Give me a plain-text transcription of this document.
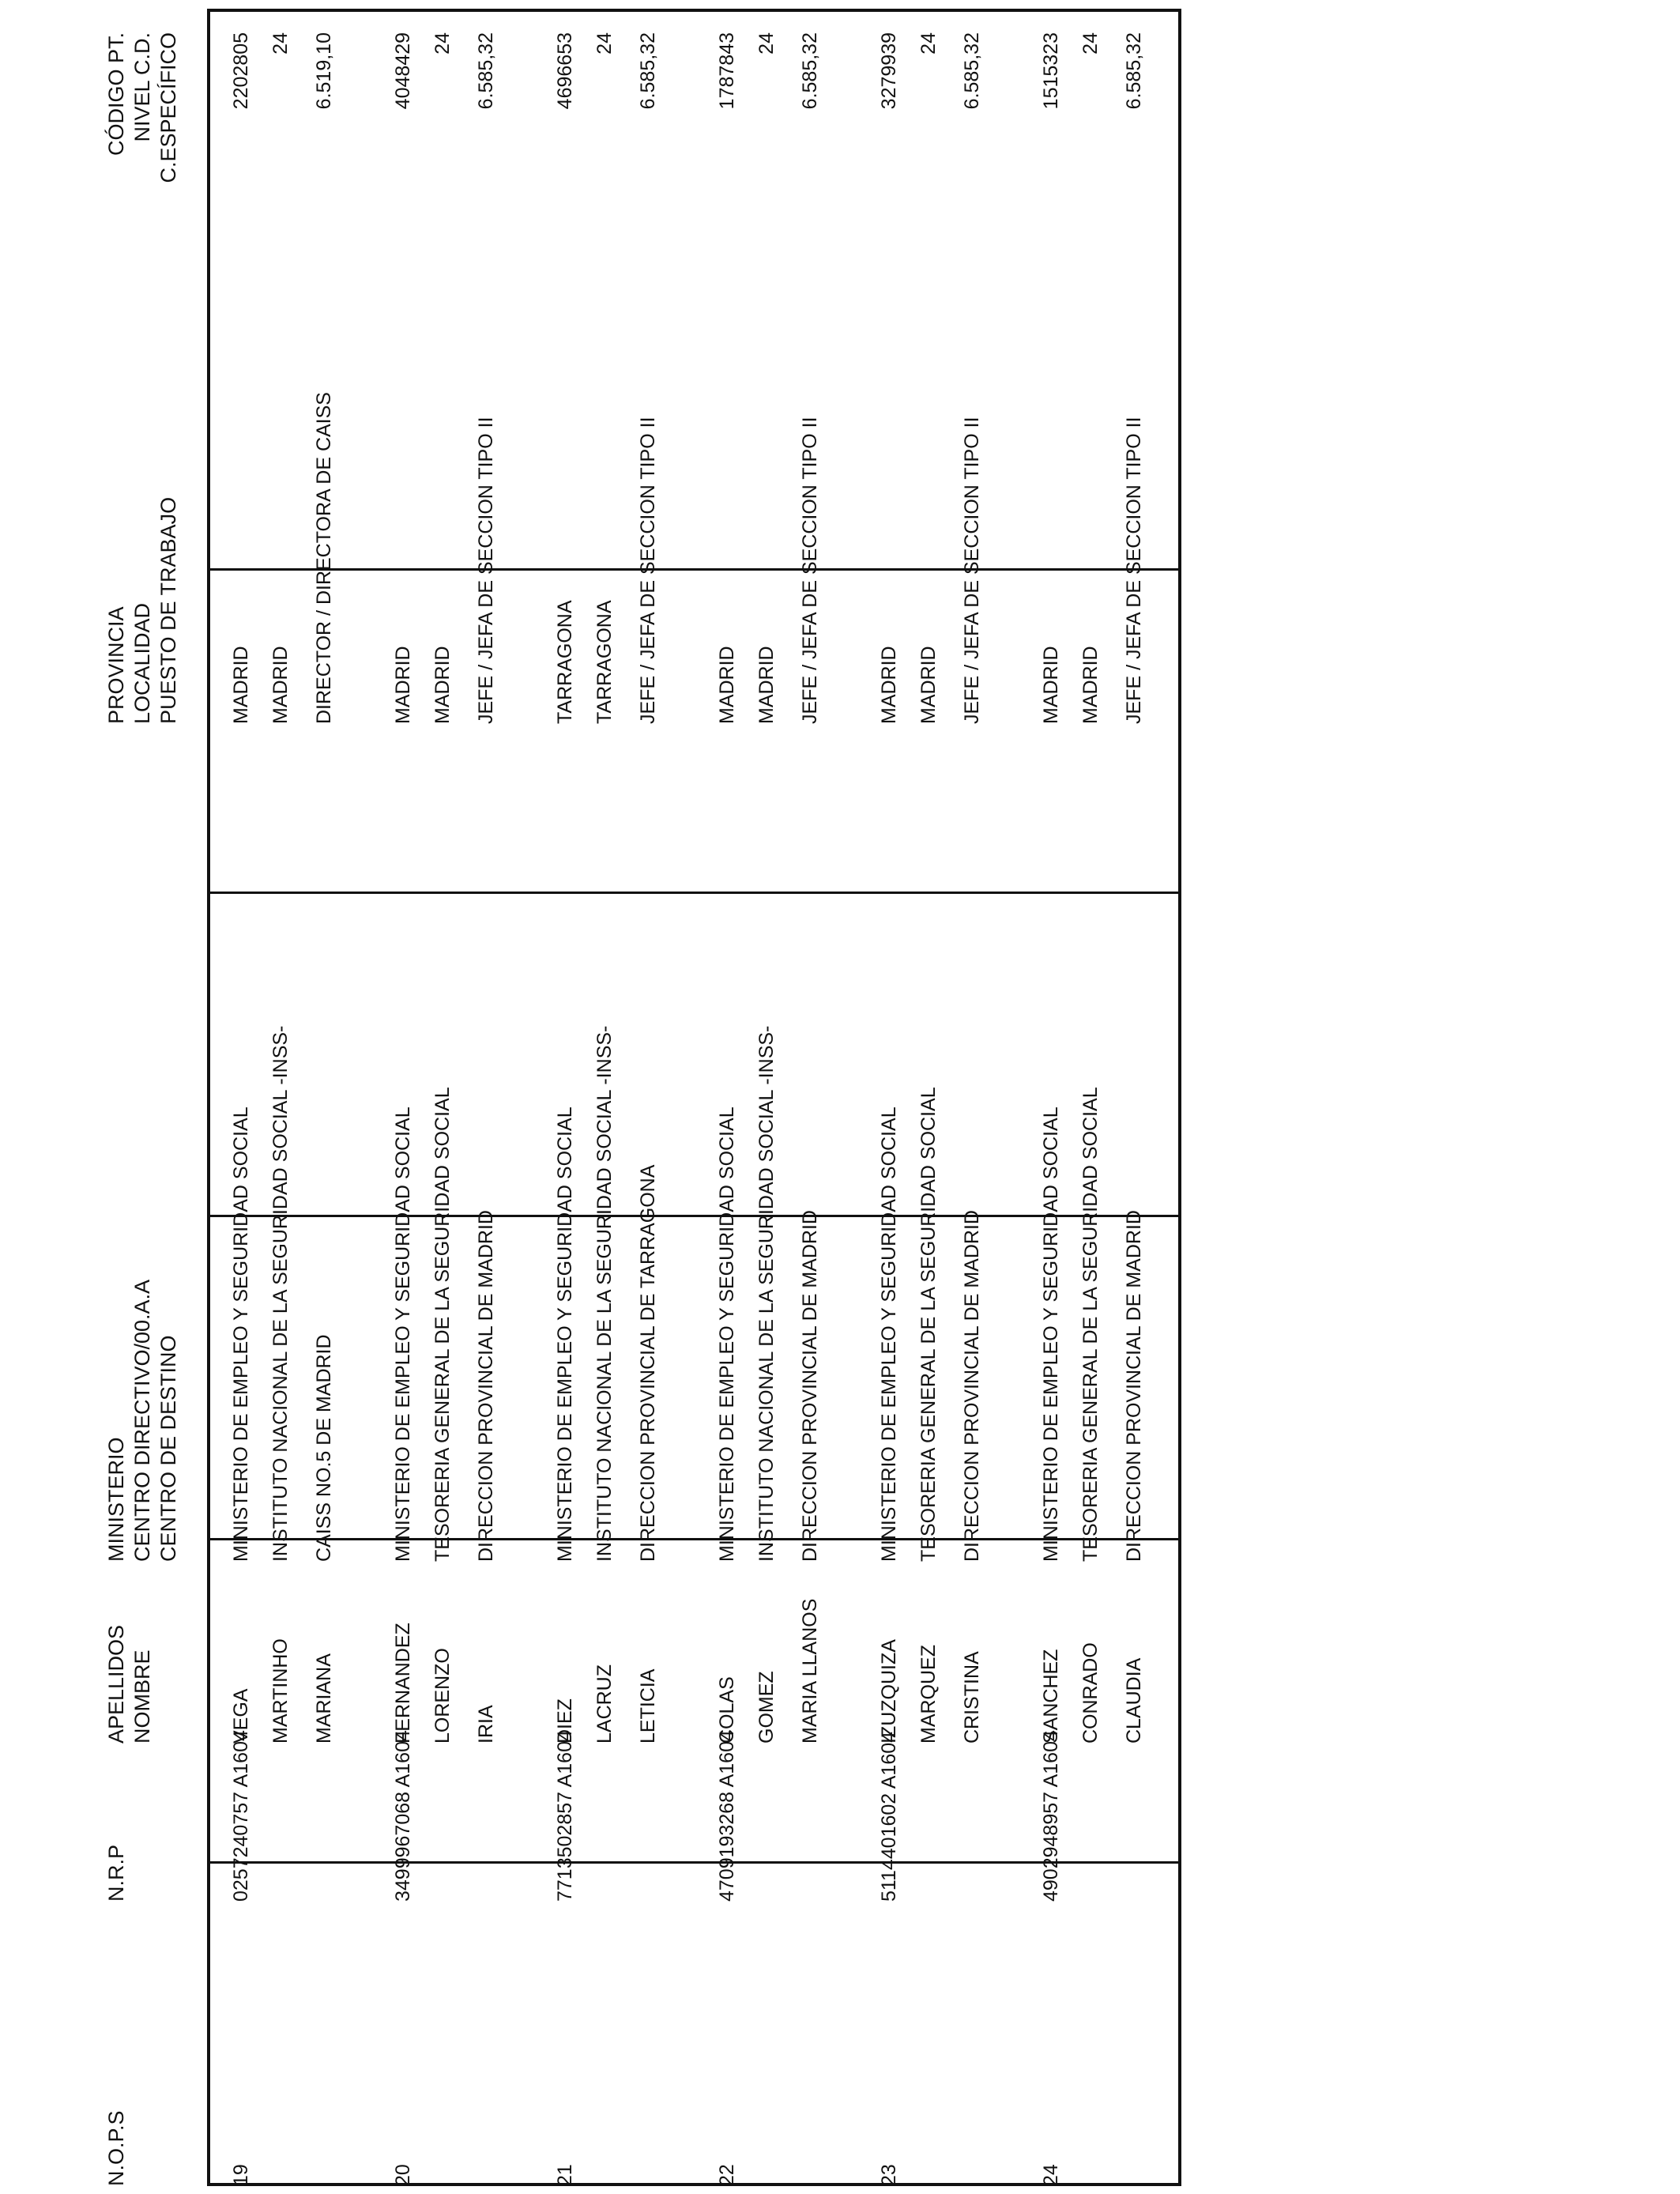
N.O.P.S
N.R.P
APELLIDOS NOMBRE
MINISTERIO CENTRO DIRECTIVO/00.A.A CENTRO DE DESTINO
PROVINCIA LOCALIDAD PUESTO DE TRABAJO
CÓDIGO PT. NIVEL C.D. C.ESPECÍFICO
19
0257240757 A1604
VEGA MARTINHO MARIANA
MINISTERIO DE EMPLEO Y SEGURIDAD SOCIAL INSTITUTO NACIONAL DE LA SEGURIDAD SOCIAL -INSS- CAISS NO.5 DE MADRID
MADRID MADRID DIRECTOR / DIRECTORA DE CAISS
2202805 24 6.519,10
20
3499967068 A1604
FERNANDEZ LORENZO IRIA
MINISTERIO DE EMPLEO Y SEGURIDAD SOCIAL TESORERIA GENERAL DE LA SEGURIDAD SOCIAL DIRECCION PROVINCIAL DE MADRID
MADRID MADRID JEFE / JEFA DE SECCION TIPO II
4048429 24 6.585,32
21
7713502857 A1604
DIEZ LACRUZ LETICIA
MINISTERIO DE EMPLEO Y SEGURIDAD SOCIAL INSTITUTO NACIONAL DE LA SEGURIDAD SOCIAL -INSS- DIRECCION PROVINCIAL DE TARRAGONA
TARRAGONA TARRAGONA JEFE / JEFA DE SECCION TIPO II
4696653 24 6.585,32
22
4709193268 A1604
COLAS GOMEZ MARIA LLANOS
MINISTERIO DE EMPLEO Y SEGURIDAD SOCIAL INSTITUTO NACIONAL DE LA SEGURIDAD SOCIAL -INSS- DIRECCION PROVINCIAL DE MADRID
MADRID MADRID JEFE / JEFA DE SECCION TIPO II
1787843 24 6.585,32
23
5114401602 A1604
IZUZQUIZA MARQUEZ CRISTINA
MINISTERIO DE EMPLEO Y SEGURIDAD SOCIAL TESORERIA GENERAL DE LA SEGURIDAD SOCIAL DIRECCION PROVINCIAL DE MADRID
MADRID MADRID JEFE / JEFA DE SECCION TIPO II
3279939 24 6.585,32
24
4902948957 A1604
SANCHEZ CONRADO CLAUDIA
MINISTERIO DE EMPLEO Y SEGURIDAD SOCIAL TESORERIA GENERAL DE LA SEGURIDAD SOCIAL DIRECCION PROVINCIAL DE MADRID
MADRID MADRID JEFE / JEFA DE SECCION TIPO II
1515323 24 6.585,32
